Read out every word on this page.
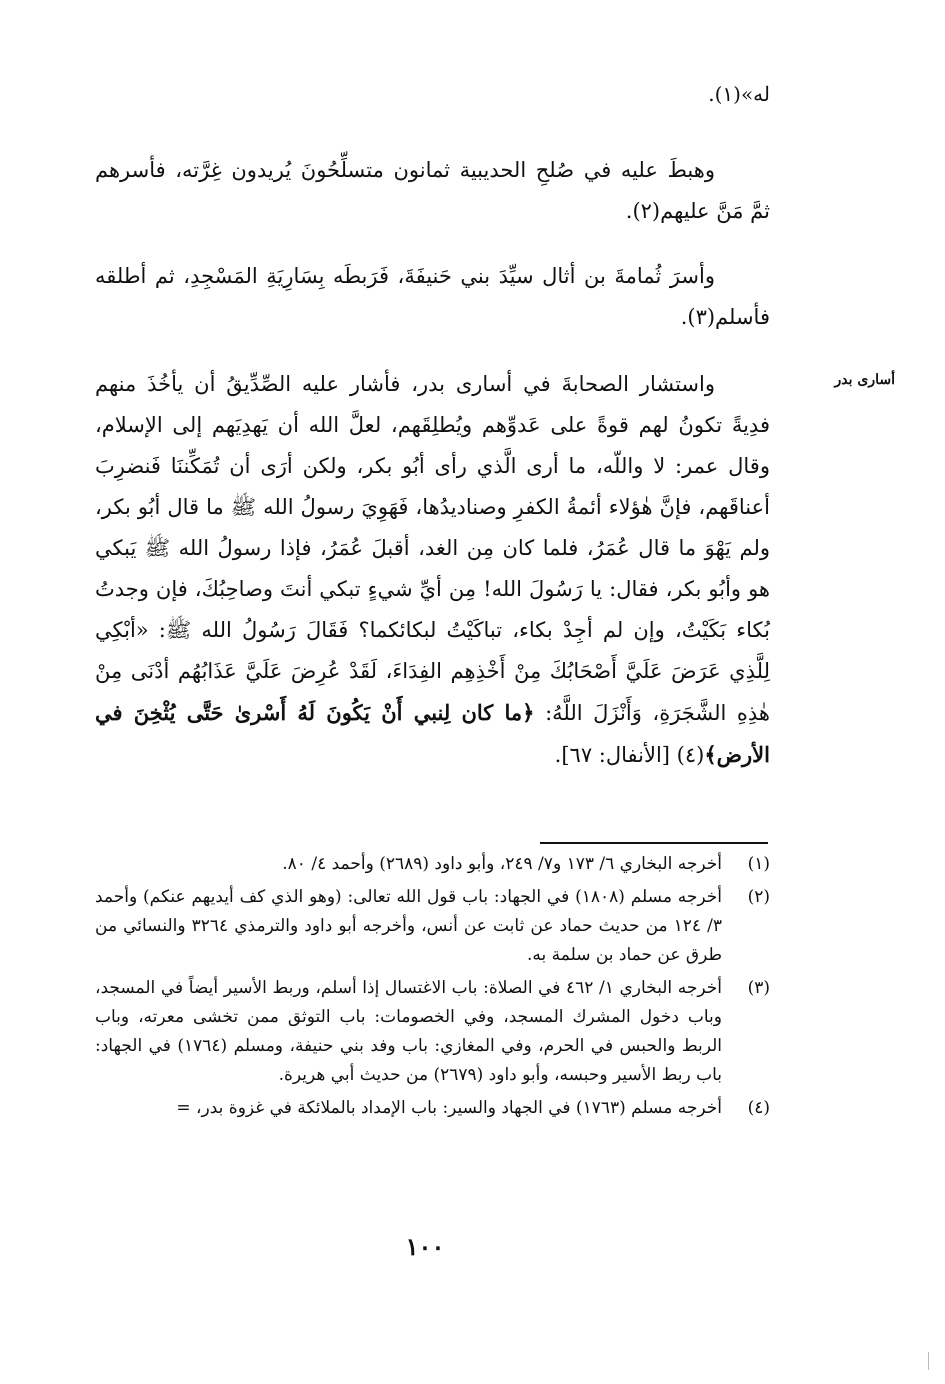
له»(١).
وهبطَ عليه في صُلحِ الحديبية ثمانون متسلِّحُونَ يُريدون غِرَّته، فأسرهم ثمَّ مَنَّ عليهم(٢).
وأسرَ ثُمامةَ بن أثال سيِّدَ بني حَنيفَةَ، فَرَبطَه بِسَارِيَةِ المَسْجِدِ، ثم أطلقه فأسلم(٣).
أسارى بدر
واستشار الصحابةَ في أسارى بدر، فأشار عليه الصِّدِّيقُ أن يأخُذَ منهم فدِيةً تكونُ لهم قوةً على عَدوِّهم ويُطلِقَهم، لعلَّ الله أن يَهدِيَهم إلى الإسلام، وقال عمر: لا واللّه، ما أرى الَّذي رأى أبُو بكر، ولكن أرَى أن تُمَكِّننَا فَنضرِبَ أعناقَهم، فإنَّ هٰؤلاء أئمةُ الكفرِ وصناديدُها، فَهَوِيَ رسولُ الله ﷺ ما قال أبُو بكر، ولم يَهْوَ ما قال عُمَرُ، فلما كان مِن الغد، أقبلَ عُمَرُ، فإذا رسولُ الله ﷺ يَبكي هو وأبُو بكر، فقال: يا رَسُولَ الله! مِن أيِّ شيءٍ تبكي أنتَ وصاحِبُكَ، فإن وجدتُ بُكاء بَكَيْتُ، وإن لم أجِدْ بكاء، تباكَيْتُ لبكائكما؟ فَقَالَ رَسُولُ الله ﷺ: «أبْكِي لِلَّذِي عَرَضَ عَلَيَّ أَصْحَابُكَ مِنْ أَخْذِهِم الفِدَاءَ، لَقَدْ عُرِضَ عَلَيَّ عَذَابُهُم أدْنَى مِنْ هٰذِهِ الشَّجَرَةِ، وَأَنْزَلَ اللَّهُ: ﴿ما كان لِنبي أَنْ يَكُونَ لَهُ أَسْرىٰ حَتَّى يُثْخِنَ في الأرض﴾(٤) [الأنفال: ٦٧].
(١)
أخرجه البخاري ٦/ ١٧٣ و٧/ ٢٤٩، وأبو داود (٢٦٨٩) وأحمد ٤/ ٨٠.
(٢)
أخرجه مسلم (١٨٠٨) في الجهاد: باب قول الله تعالى: (وهو الذي كف أيديهم عنكم) وأحمد ٣/ ١٢٤ من حديث حماد عن ثابت عن أنس، وأخرجه أبو داود والترمذي ٣٢٦٤ والنسائي من طرق عن حماد بن سلمة به.
(٣)
أخرجه البخاري ١/ ٤٦٢ في الصلاة: باب الاغتسال إذا أسلم، وربط الأسير أيضاً في المسجد، وباب دخول المشرك المسجد، وفي الخصومات: باب التوثق ممن تخشى معرته، وباب الربط والحبس في الحرم، وفي المغازي: باب وفد بني حنيفة، ومسلم (١٧٦٤) في الجهاد: باب ربط الأسير وحبسه، وأبو داود (٢٦٧٩) من حديث أبي هريرة.
(٤)
أخرجه مسلم (١٧٦٣) في الجهاد والسير: باب الإمداد بالملائكة في غزوة بدر، =
١٠٠
